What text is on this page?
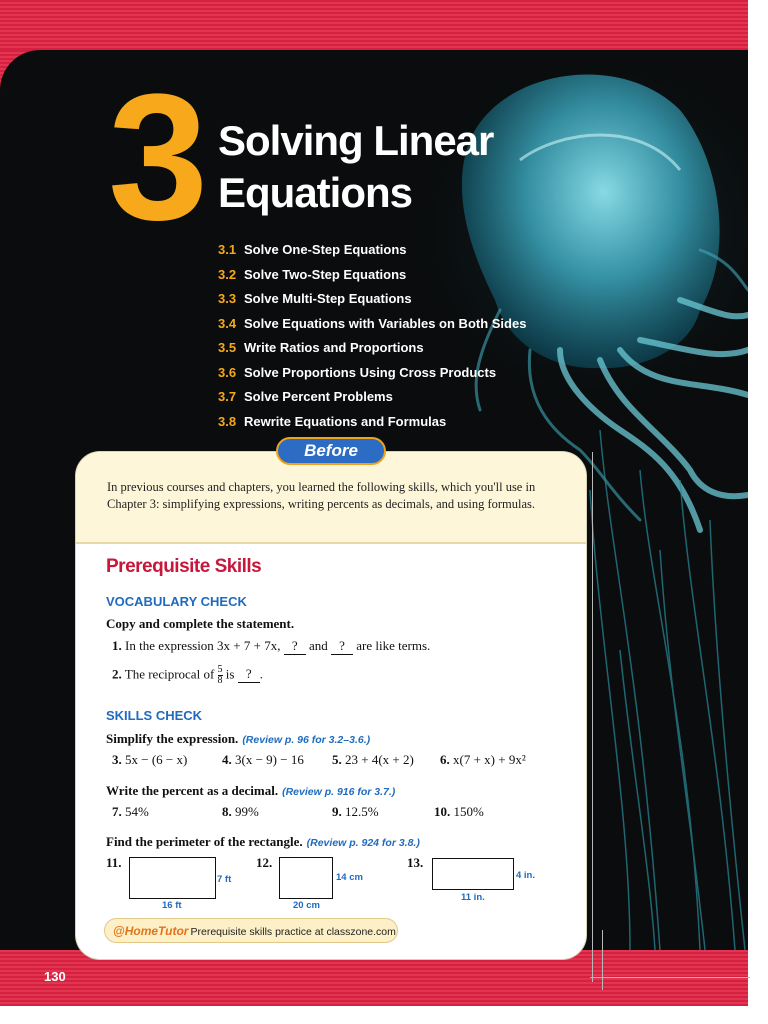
3 Solving Linear
Equations
3.1 Solve One-Step Equations
3.2 Solve Two-Step Equations
3.3 Solve Multi-Step Equations
3.4 Solve Equations with Variables on Both Sides
3.5 Write Ratios and Proportions
3.6 Solve Proportions Using Cross Products
3.7 Solve Percent Problems
3.8 Rewrite Equations and Formulas
In previous courses and chapters, you learned the following skills, which you'll use in Chapter 3: simplifying expressions, writing percents as decimals, and using formulas.
Before
Prerequisite Skills
VOCABULARY CHECK
Copy and complete the statement.
1. In the expression 3x + 7 + 7x, ? and ? are like terms.
2. The reciprocal of $\frac{5}{8}$ is ? .
SKILLS CHECK
Simplify the expression. (Review p. 96 for 3.2–3.6.)
3. 5x − (6 − x)	4. 3(x − 9) − 16 5. 23 + 4(x + 2) 6. x(7 + x) + 9x²
Write the percent as a decimal. (Review p. 916 for 3.7.)
7. 54%	8. 99%	9. 12.5%	10. 150%
Find the perimeter of the rectangle. (Review p. 924 for 3.8.)
11.
7 ft
16 ft
12.
14 cm
20 cm
13.
4 in.
11 in.
@HomeTutor Prerequisite skills practice at classzone.com
130
